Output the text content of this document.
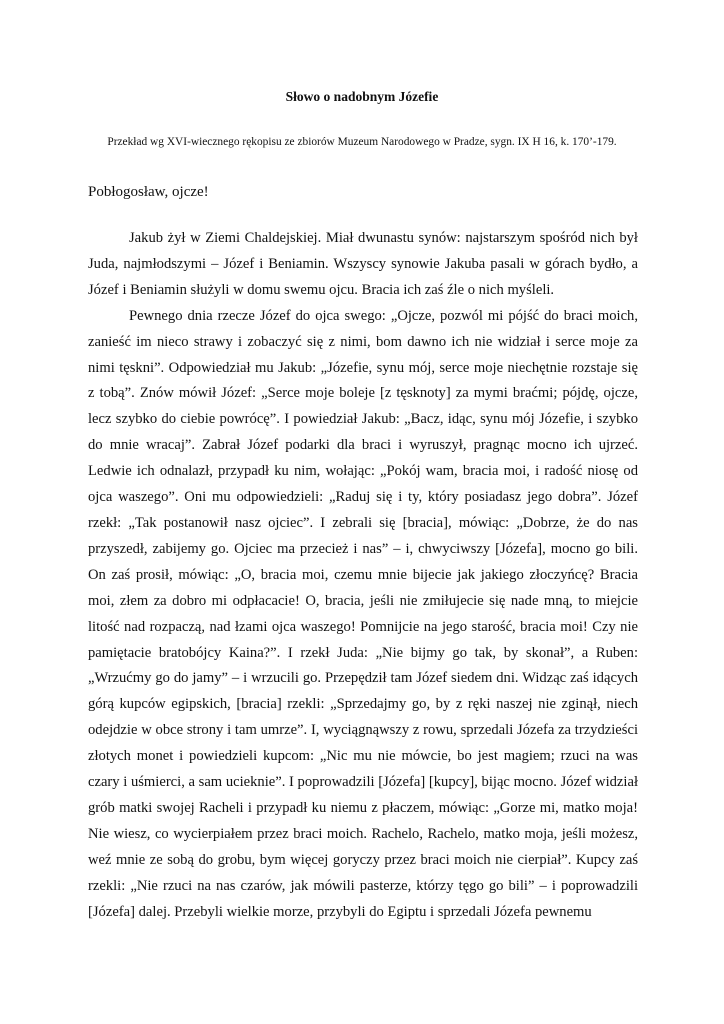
Słowo o nadobnym Józefie

Przekład wg XVI-wiecznego rękopisu ze zbiorów Muzeum Narodowego w Pradze, sygn. IX H 16, k. 170’-179.

Pobłogosław, ojcze!

Jakub żył w Ziemi Chaldejskiej. Miał dwunastu synów: najstarszym spośród nich był Juda, najmłodszymi – Józef i Beniamin. Wszyscy synowie Jakuba pasali w górach bydło, a Józef i Beniamin służyli w domu swemu ojcu. Bracia ich zaś źle o nich myśleli.

Pewnego dnia rzecze Józef do ojca swego: „Ojcze, pozwól mi pójść do braci moich, zanieść im nieco strawy i zobaczyć się z nimi, bom dawno ich nie widział i serce moje za nimi tęskni”. Odpowiedział mu Jakub: „Józefie, synu mój, serce moje niechętnie rozstaje się z tobą”. Znów mówił Józef: „Serce moje boleje [z tęsknoty] za mymi braćmi; pójdę, ojcze, lecz szybko do ciebie powrócę”. I powiedział Jakub: „Bacz, idąc, synu mój Józefie, i szybko do mnie wracaj”. Zabrał Józef podarki dla braci i wyruszył, pragnąc mocno ich ujrzeć. Ledwie ich odnalazł, przypadł ku nim, wołając: „Pokój wam, bracia moi, i radość niosę od ojca waszego”. Oni mu odpowiedzieli: „Raduj się i ty, który posiadasz jego dobra”. Józef rzekł: „Tak postanowił nasz ojciec”. I zebrali się [bracia], mówiąc: „Dobrze, że do nas przyszedł, zabijemy go. Ojciec ma przecież i nas” – i, chwyciwszy [Józefa], mocno go bili. On zaś prosił, mówiąc: „O, bracia moi, czemu mnie bijecie jak jakiego złoczyńcę? Bracia moi, złem za dobro mi odpłacacie! O, bracia, jeśli nie zmiłujecie się nade mną, to miejcie litość nad rozpaczą, nad łzami ojca waszego! Pomnijcie na jego starość, bracia moi! Czy nie pamiętacie bratobójcy Kaina?”. I rzekł Juda: „Nie bijmy go tak, by skonał”, a Ruben: „Wrzućmy go do jamy” – i wrzucili go. Przepędził tam Józef siedem dni. Widząc zaś idących górą kupców egipskich, [bracia] rzekli: „Sprzedajmy go, by z ręki naszej nie zginął, niech odejdzie w obce strony i tam umrze”. I, wyciągnąwszy z rowu, sprzedali Józefa za trzydzieści złotych monet i powiedzieli kupcom: „Nic mu nie mówcie, bo jest magiem; rzuci na was czary i uśmierci, a sam ucieknie”. I poprowadzili [Józefa] [kupcy], bijąc mocno. Józef widział grób matki swojej Racheli i przypadł ku niemu z płaczem, mówiąc: „Gorze mi, matko moja! Nie wiesz, co wycierpiałem przez braci moich. Rachelo, Rachelo, matko moja, jeśli możesz, weź mnie ze sobą do grobu, bym więcej goryczy przez braci moich nie cierpiał”. Kupcy zaś rzekli: „Nie rzuci na nas czarów, jak mówili pasterze, którzy tęgo go bili” – i poprowadzili [Józefa] dalej. Przebyli wielkie morze, przybyli do Egiptu i sprzedali Józefa pewnemu
